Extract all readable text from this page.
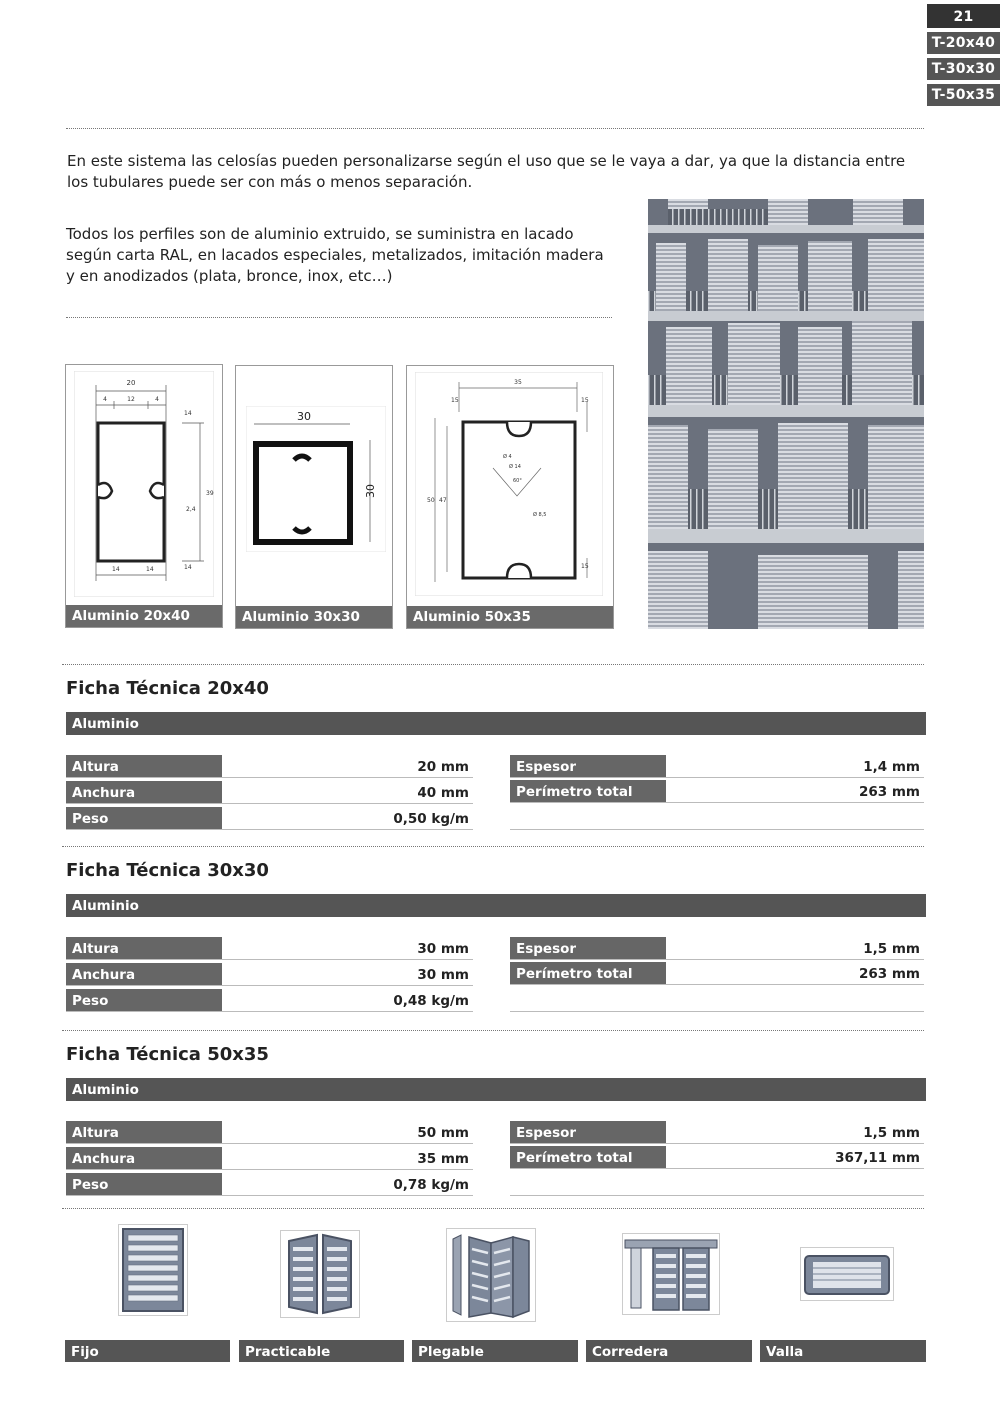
21
T-20x40
T-30x30
T-50x35

En este sistema las celosías pueden personalizarse según el uso que se le vaya a dar, ya que la distancia entre los tubulares puede ser con más o menos separación.

Todos los perfiles son de aluminio extruido, se suministra en lacado según carta RAL, en lacados especiales, metalizados, imitación madera y en anodizados (plata, bronce, inox, etc…)

20
4	12	4
39
2,4
14	14
14
14
Aluminio 20x40
30
30
Aluminio 30x30
35
15	15
50 47
Ø 4
Ø 14
Ø 8,5
60°
15
Aluminio 50x35
Ficha Técnica 20x40
Aluminio
Altura	20 mm
Anchura	40 mm
Peso	0,50 kg/m
Espesor	1,4 mm
Perímetro total	263 mm
Ficha Técnica 30x30
Aluminio
Altura	30 mm
Anchura	30 mm
Peso	0,48 kg/m
Espesor	1,5 mm
Perímetro total	263 mm
Ficha Técnica 50x35
Aluminio
Altura	50 mm
Anchura	35 mm
Peso	0,78 kg/m
Espesor	1,5 mm
Perímetro total	367,11 mm
Fijo	Practicable	Plegable	Corredera	Valla
